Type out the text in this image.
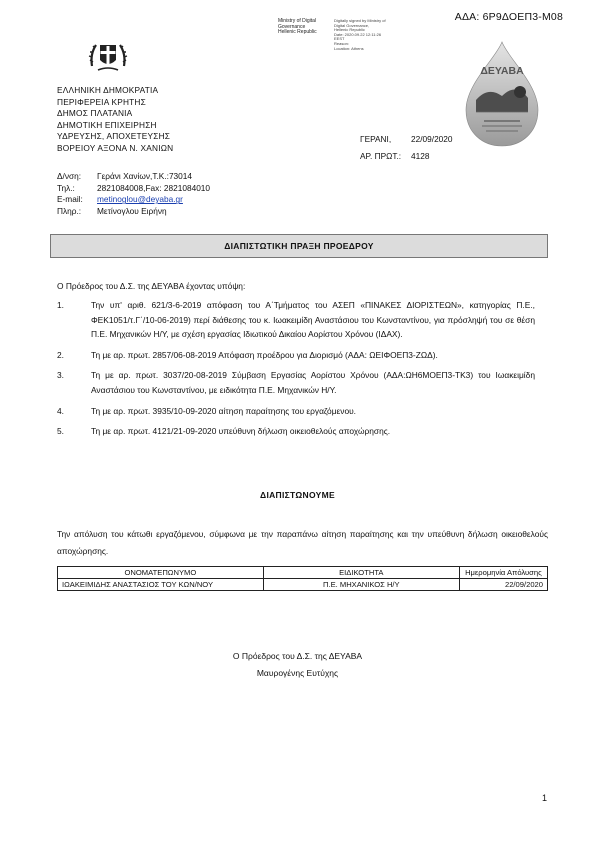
ΑΔΑ: 6Ρ9ΔΟΕΠ3-Μ08
Ministry of Digital
Governance
Hellenic Republic
Digitally signed by Ministry of
Digital Governance,
Hellenic Republic
Date: 2020.09.22 12:11:26
EEST
Reason:
Location: Athens
ΔΕΥΑΒΑ
ΕΛΛΗΝΙΚΗ ΔΗΜΟΚΡΑΤΙΑ
ΠΕΡΙΦΕΡΕΙΑ ΚΡΗΤΗΣ
ΔΗΜΟΣ ΠΛΑΤΑΝΙΑ
ΔΗΜΟΤΙΚΗ ΕΠΙΧΕΙΡΗΣΗ
ΥΔΡΕΥΣΗΣ, ΑΠΟΧΕΤΕΥΣΗΣ
ΒΟΡΕΙΟΥ ΑΞΟΝΑ Ν. ΧΑΝΙΩΝ
Δ/νση: Γεράνι Χανίων,Τ.Κ.:73014
Τηλ.:	2821084008,Fax: 2821084010
E-mail: metinoglou@deyaba.gr
Πληρ.: Μετίνογλου Ειρήνη
ΓΕΡΑΝΙ, 22/09/2020
ΑΡ. ΠΡΩΤ.: 4128
ΔΙΑΠΙΣΤΩΤΙΚΗ ΠΡΑΞΗ ΠΡΟΕΔΡΟΥ
Ο Πρόεδρος του Δ.Σ. της ΔΕΥΑΒΑ έχοντας υπόψη:
1.	Την υπ' αριθ. 621/3-6-2019 απόφαση του Α΄Τμήματος του ΑΣΕΠ «ΠΙΝΑΚΕΣ ΔΙΟΡΙΣΤΕΩΝ», κατηγορίας Π.Ε., ΦΕΚ1051/τ.Γ΄/10-06-2019) περί διάθεσης του κ. Ιωακειμίδη Αναστάσιου του Κωνσταντίνου, για πρόσληψή του σε θέση Π.Ε. Μηχανικών Η/Υ, με σχέση εργασίας Ιδιωτικού Δικαίου Αορίστου Χρόνου (ΙΔΑΧ).
2.	Τη με αρ. πρωτ. 2857/06-08-2019 Απόφαση προέδρου για Διορισμό (ΑΔΑ: ΩΕΙΦΟΕΠ3-ΖΩΔ).
3.	Τη με αρ. πρωτ. 3037/20-08-2019 Σύμβαση Εργασίας Αορίστου Χρόνου (ΑΔΑ:ΩΗ6ΜΟΕΠ3-ΤΚ3) του Ιωακειμίδη Αναστάσιου του Κωνσταντίνου, με ειδικότητα Π.Ε. Μηχανικών Η/Υ.
4.	Τη με αρ. πρωτ. 3935/10-09-2020 αίτηση παραίτησης του εργαζόμενου.
5.	Τη με αρ. πρωτ. 4121/21-09-2020 υπεύθυνη δήλωση οικειοθελούς αποχώρησης.
ΔΙΑΠΙΣΤΩΝΟΥΜΕ
Την απόλυση του κάτωθι εργαζόμενου, σύμφωνα με την παραπάνω αίτηση παραίτησης και την υπεύθυνη δήλωση οικειοθελούς αποχώρησης.
ΟΝΟΜΑΤΕΠΩΝΥΜΟ	ΕΙΔΙΚΟΤΗΤΑ	Ημερομηνία Απόλυσης
ΙΩΑΚΕΙΜΙΔΗΣ ΑΝΑΣΤΑΣΙΟΣ ΤΟΥ ΚΩΝ/ΝΟΥ	Π.Ε. ΜΗΧΑΝΙΚΟΣ Η/Υ	22/09/2020
Ο Πρόεδρος του Δ.Σ. της ΔΕΥΑΒΑ
Μαυρογένης Ευτύχης
1
